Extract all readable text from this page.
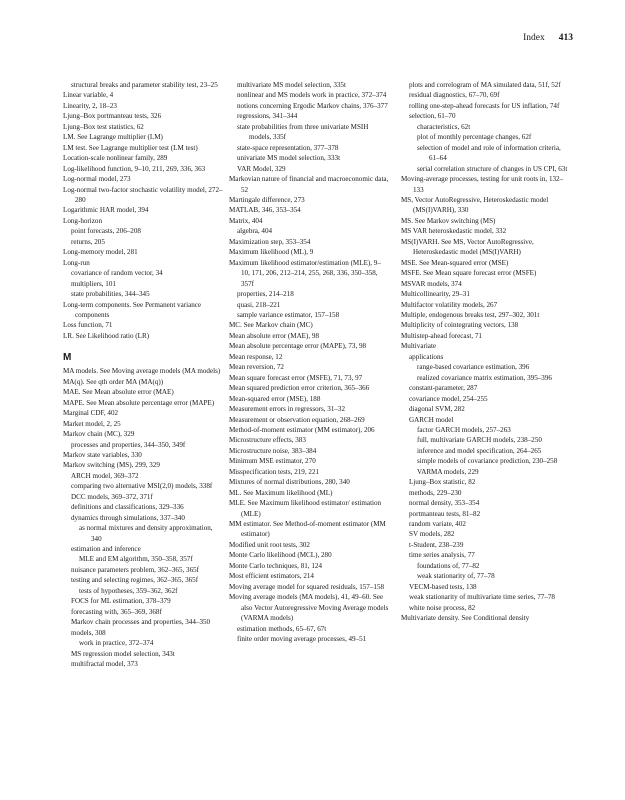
Index 413
structural breaks and parameter stability test, 23–25
Linear variable, 4
Linearity, 2, 18–23
Ljung–Box portmanteau tests, 326
Ljung–Box test statistics, 62
LM. See Lagrange multiplier (LM)
LM test. See Lagrange multiplier test (LM test)
Location-scale nonlinear family, 289
Log-likelihood function, 9–10, 211, 269, 336, 363
Log-normal model, 273
Log-normal two-factor stochastic volatility model, 272–280
Logarithmic HAR model, 394
Long-horizon
point forecasts, 206–208
returns, 205
Long-memory model, 281
Long-run
covariance of random vector, 34
multipliers, 101
state probabilities, 344–345
Long-term components. See Permanent variance components
Loss function, 71
LR. See Likelihood ratio (LR)
M
MA models. See Moving average models (MA models)
MA(q). See qth order MA (MA(q))
MAE. See Mean absolute error (MAE)
MAPE. See Mean absolute percentage error (MAPE)
Marginal CDF, 402
Market model, 2, 25
Markov chain (MC), 329
processes and properties, 344–350, 349f
Markov state variables, 330
Markov switching (MS), 299, 329
ARCH model, 369–372
comparing two alternative MSI(2,0) models, 338f
DCC models, 369–372, 371f
definitions and classifications, 329–336
dynamics through simulations, 337–340
as normal mixtures and density approximation, 340
estimation and inference
MLE and EM algorithm, 350–358, 357f
nuisance parameters problem, 362–365, 365f
testing and selecting regimes, 362–365, 365f
tests of hypotheses, 359–362, 362f
FOCS for ML estimation, 378–379
forecasting with, 365–369, 368f
Markov chain processes and properties, 344–350
models, 308
work in practice, 372–374
MS regression model selection, 343t
multifractal model, 373
multivariate MS model selection, 335t
nonlinear and MS models work in practice, 372–374
notions concerning Ergodic Markov chains, 376–377
regressions, 341–344
state probabilities from three univariate MSIH models, 335f
state-space representation, 377–378
univariate MS model selection, 333t
VAR Model, 329
Markovian nature of financial and macroeconomic data, 52
Martingale difference, 273
MATLAB, 346, 353–354
Matrix, 404
algebra, 404
Maximization step, 353–354
Maximum likelihood (ML), 9
Maximum likelihood estimator/estimation (MLE), 9–10, 171, 206, 212–214, 255, 268, 336, 350–358, 357f
properties, 214–218
quasi, 218–221
sample variance estimator, 157–158
MC. See Markov chain (MC)
Mean absolute error (MAE), 98
Mean absolute percentage error (MAPE), 73, 98
Mean response, 12
Mean reversion, 72
Mean square forecast error (MSFE), 71, 73, 97
Mean squared prediction error criterion, 365–366
Mean-squared error (MSE), 188
Measurement errors in regressors, 31–32
Measurement or observation equation, 268–269
Method-of-moment estimator (MM estimator), 206
Microstructure effects, 383
Microstructure noise, 383–384
Minimum MSE estimator, 270
Misspecification tests, 219, 221
Mixtures of normal distributions, 280, 340
ML. See Maximum likelihood (ML)
MLE. See Maximum likelihood estimator/ estimation (MLE)
MM estimator. See Method-of-moment estimator (MM estimator)
Modified unit root tests, 302
Monte Carlo likelihood (MCL), 280
Monte Carlo techniques, 81, 124
Most efficient estimators, 214
Moving average model for squared residuals, 157–158
Moving average models (MA models), 41, 49–60. See also Vector Autoregressive Moving Average models (VARMA models)
estimation methods, 65–67, 67t
finite order moving average processes, 49–51
plots and correlogram of MA simulated data, 51f, 52f
residual diagnostics, 67–70, 69f
rolling one-step-ahead forecasts for US inflation, 74f
selection, 61–70
characteristics, 62t
plot of monthly percentage changes, 62f
selection of model and role of information criteria, 61–64
serial correlation structure of changes in US CPI, 63t
Moving-average processes, testing for unit roots in, 132–133
MS, Vector AutoRegressive, Heteroskedastic model (MS(I)VARH), 330
MS. See Markov switching (MS)
MS VAR heteroskedastic model, 332
MS(I)VARH. See MS, Vector AutoRegressive, Heteroskedastic model (MS(I)VARH)
MSE. See Mean-squared error (MSE)
MSFE. See Mean square forecast error (MSFE)
MSVAR models, 374
Multicollinearity, 29–31
Multifactor volatility models, 267
Multiple, endogenous breaks test, 297–302, 301t
Multiplicity of cointegrating vectors, 138
Multistep-ahead forecast, 71
Multivariate
applications
range-based covariance estimation, 396
realized covariance matrix estimation, 395–396
constant-parameter, 287
covariance model, 254–255
diagonal SVM, 282
GARCH model
factor GARCH models, 257–263
full, multivariate GARCH models, 238–250
inference and model specification, 264–265
simple models of covariance prediction, 230–258
VARMA models, 229
Ljung–Box statistic, 82
methods, 229–230
normal density, 353–354
portmanteau tests, 81–82
random variate, 402
SV models, 282
t-Student, 238–239
time series analysis, 77
foundations of, 77–82
weak stationarity of, 77–78
VECM-based tests, 138
weak stationarity of multivariate time series, 77–78
white noise process, 82
Multivariate density. See Conditional density
